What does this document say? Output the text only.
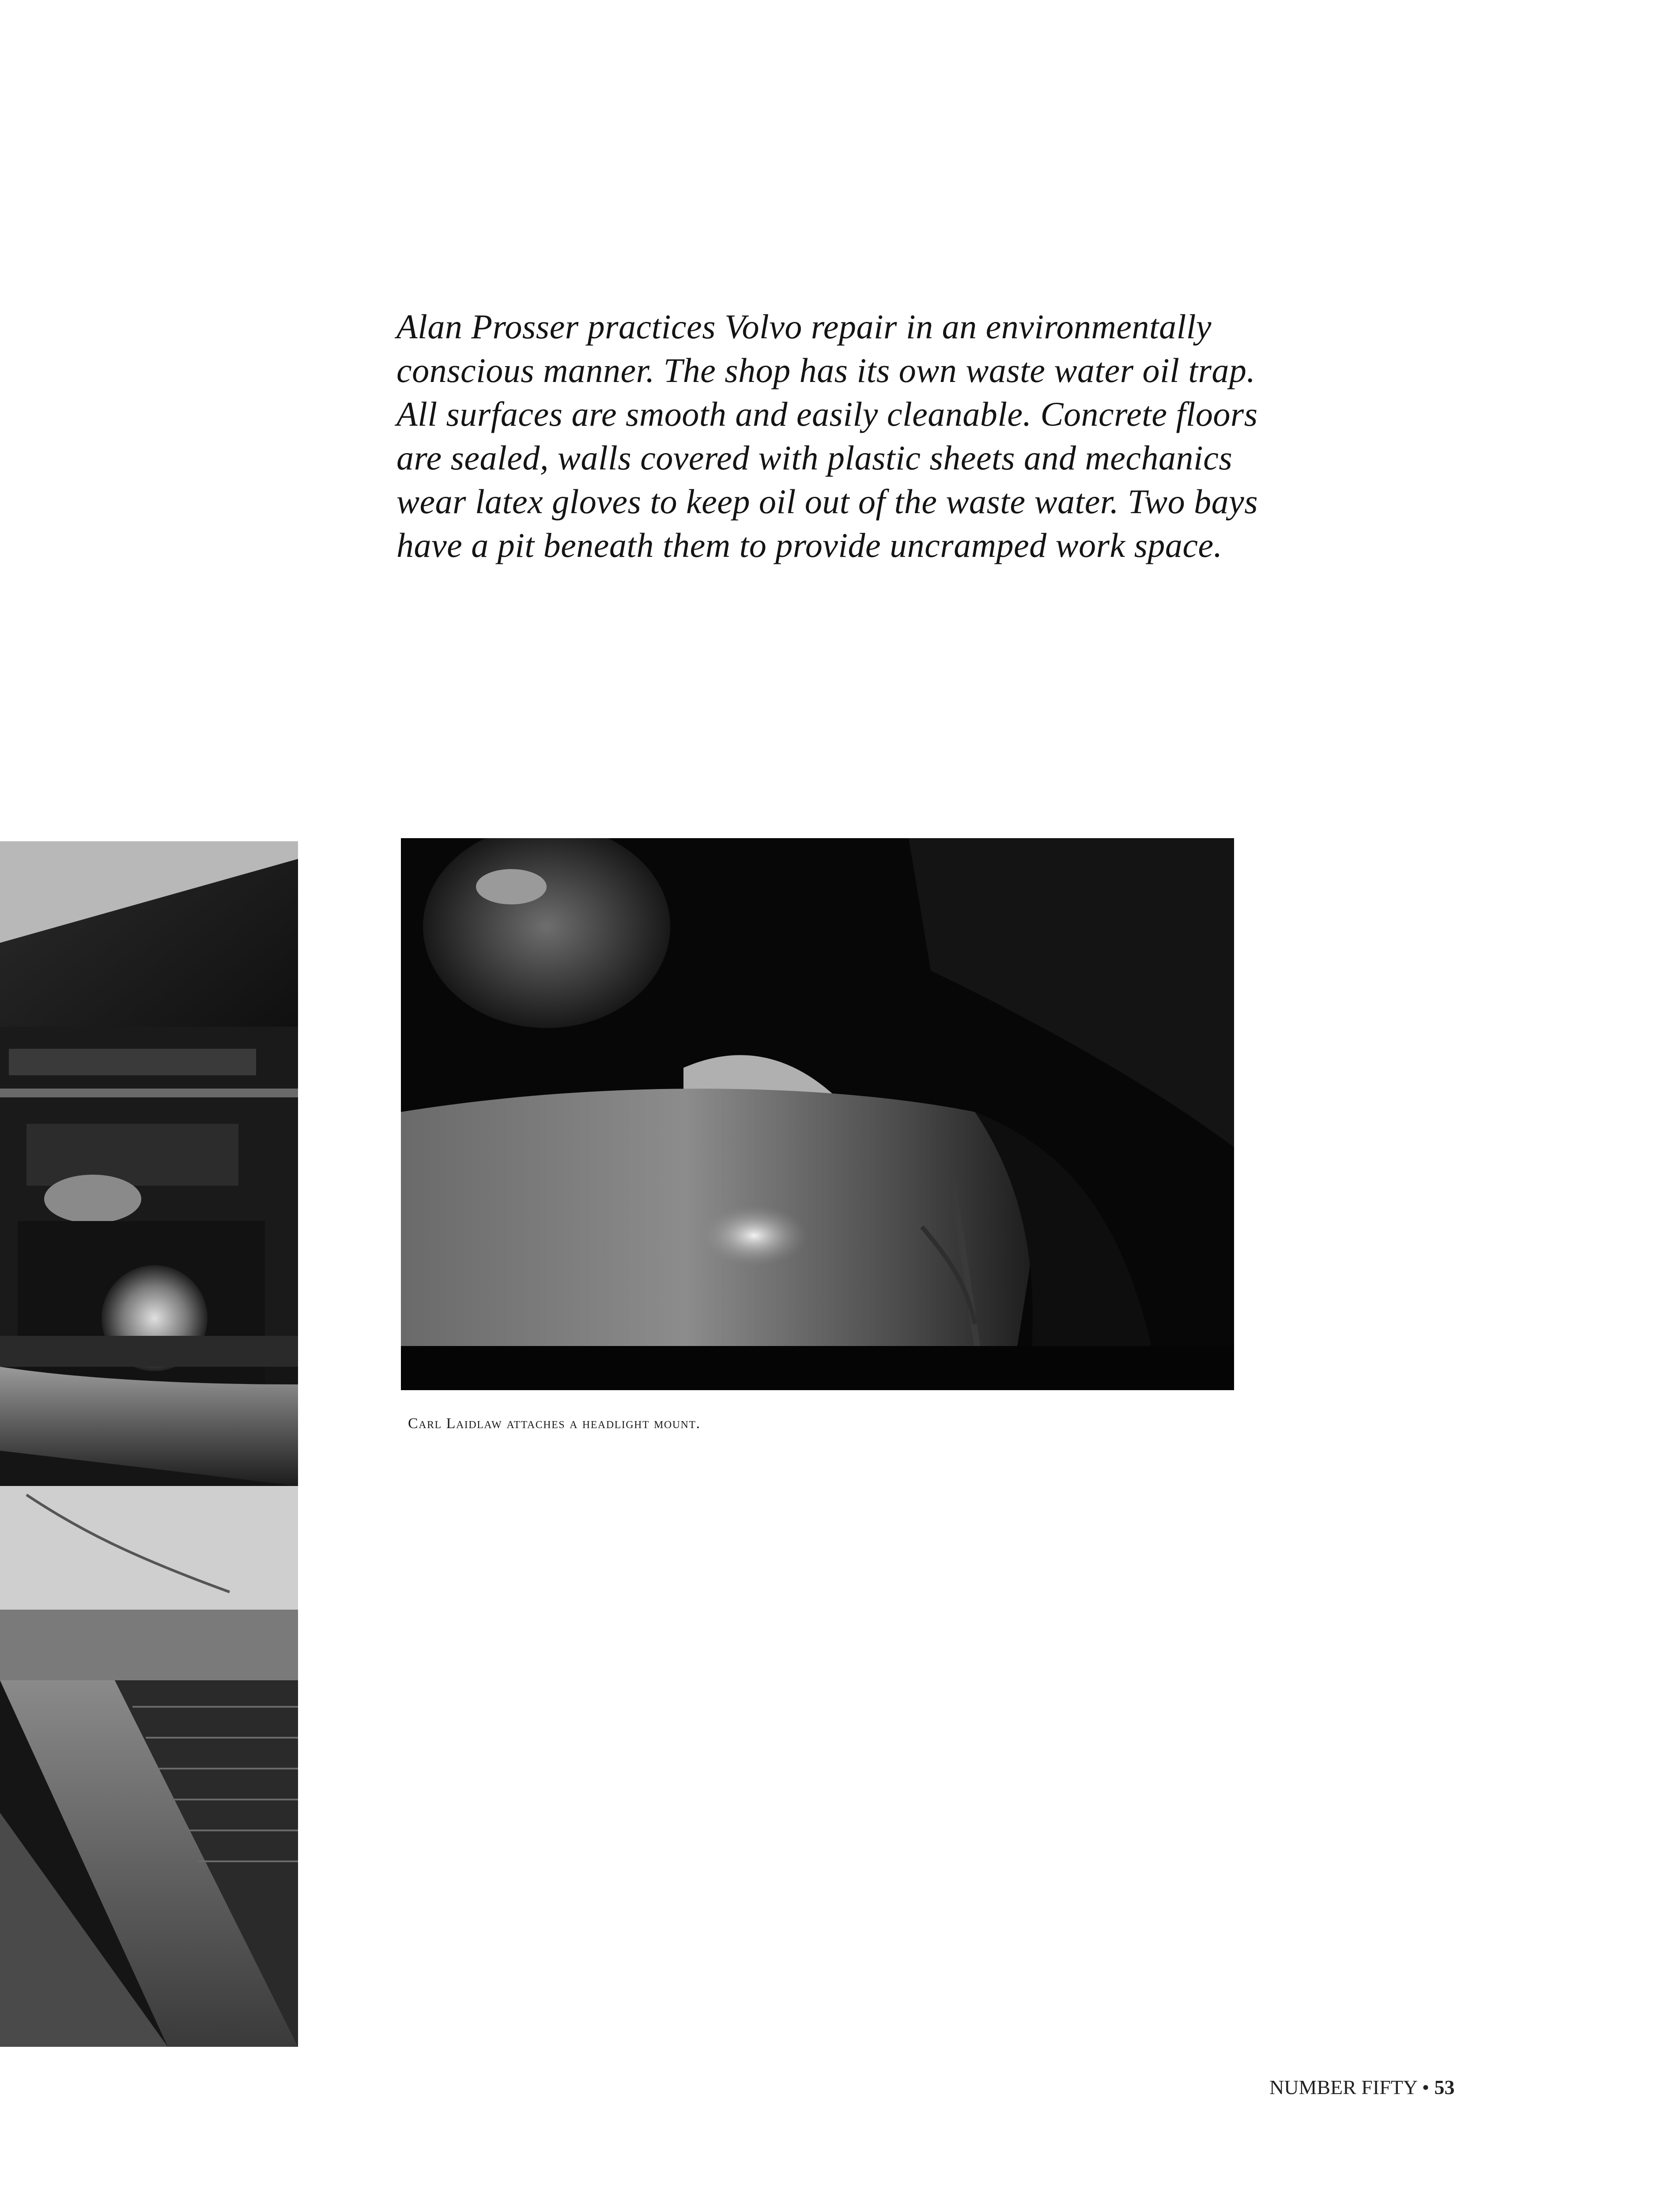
Alan Prosser practices Volvo repair in an environmentally conscious manner. The shop has its own waste water oil trap. All surfaces are smooth and easily cleanable. Concrete floors are sealed, walls covered with plastic sheets and mechanics wear latex gloves to keep oil out of the waste water. Two bays have a pit beneath them to provide uncramped work space.

Carl Laidlaw attaches a headlight mount.

NUMBER FIFTY • 53
